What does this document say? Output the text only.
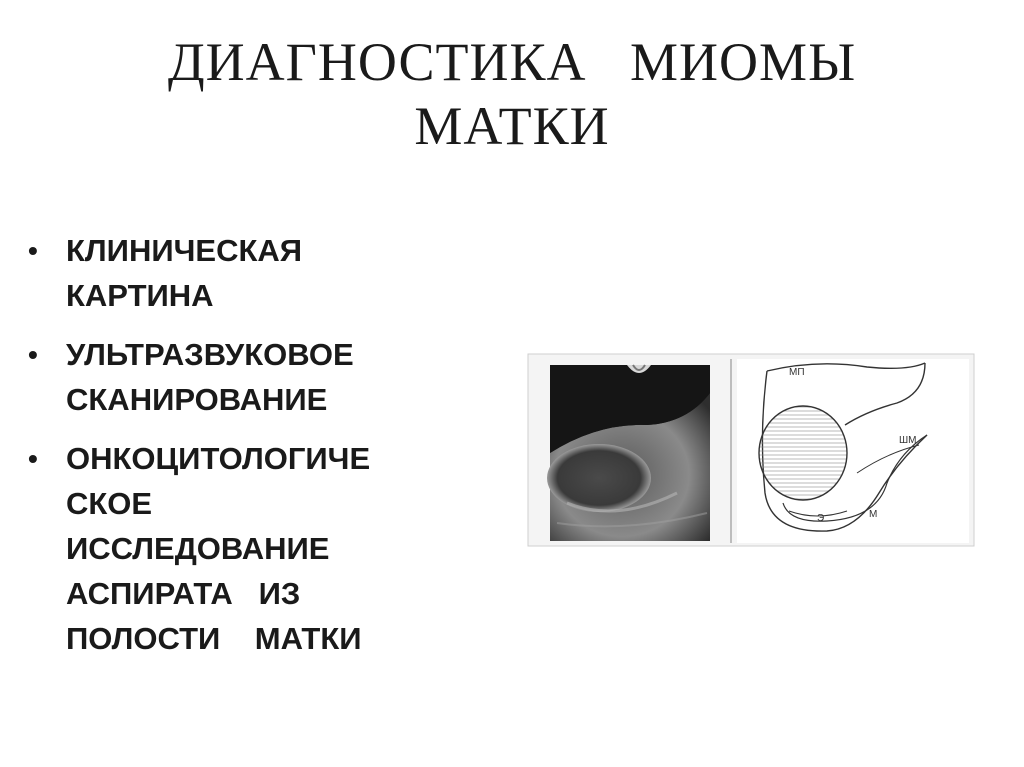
ДИАГНОСТИКА   МИОМЫ
МАТКИ
• КЛИНИЧЕСКАЯ
КАРТИНА
• УЛЬТРАЗВУКОВОЕ
СКАНИРОВАНИЕ
• ОНКОЦИТОЛОГИЧЕ
СКОЕ
ИССЛЕДОВАНИЕ
АСПИРАТА   ИЗ
ПОЛОСТИ    МАТКИ
МП
ШМ
Э	М
